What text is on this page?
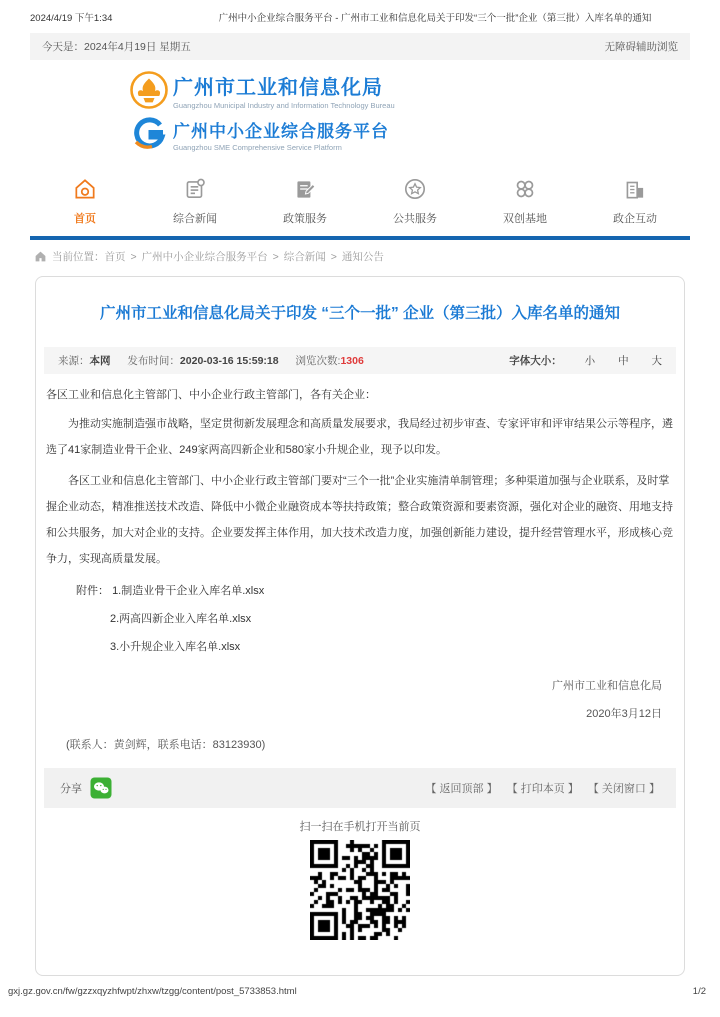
2024/4/19 下午1:34	广州中小企业综合服务平台 - 广州市工业和信息化局关于印发“三个一批”企业（第三批）入库名单的通知
今天是：2024年4月19日 星期五	无障碍辅助浏览
广州市工业和信息化局
Guangzhou Municipal Industry and Information Technology Bureau
广州中小企业综合服务平台
Guangzhou SME Comprehensive Service Platform
首页	综合新闻	政策服务	公共服务	双创基地	政企互动
当前位置： 首页 > 广州中小企业综合服务平台 > 综合新闻 > 通知公告
广州市工业和信息化局关于印发 “三个一批” 企业（第三批）入库名单的通知
来源：本网 发布时间：2020-03-16 15:59:18 浏览次数:1306	字体大小： 小 中 大
各区工业和信息化主管部门、中小企业行政主管部门，各有关企业：

为推动实施制造强市战略，坚定贯彻新发展理念和高质量发展要求，我局经过初步审查、专家评审和评审结果公示等程序，遴选了41家制造业骨干企业、249家两高四新企业和580家小升规企业，现予以印发。

各区工业和信息化主管部门、中小企业行政主管部门要对“三个一批”企业实施清单制管理；多种渠道加强与企业联系，及时掌握企业动态，精准推送技术改造、降低中小微企业融资成本等扶持政策；整合政策资源和要素资源，强化对企业的融资、用地支持和公共服务，加大对企业的支持。企业要发挥主体作用，加大技术改造力度，加强创新能力建设，提升经营管理水平，形成核心竞争力，实现高质量发展。

附件： 1.制造业骨干企业入库名单.xlsx
2.两高四新企业入库名单.xlsx
3.小升规企业入库名单.xlsx
广州市工业和信息化局
2020年3月12日
(联系人：黄剑辉，联系电话：83123930)
分享	【 返回顶部 】 【 打印本页 】 【 关闭窗口 】
扫一扫在手机打开当前页
gxj.gz.gov.cn/fw/gzzxqyzhfwpt/zhxw/tzgg/content/post_5733853.html	1/2
